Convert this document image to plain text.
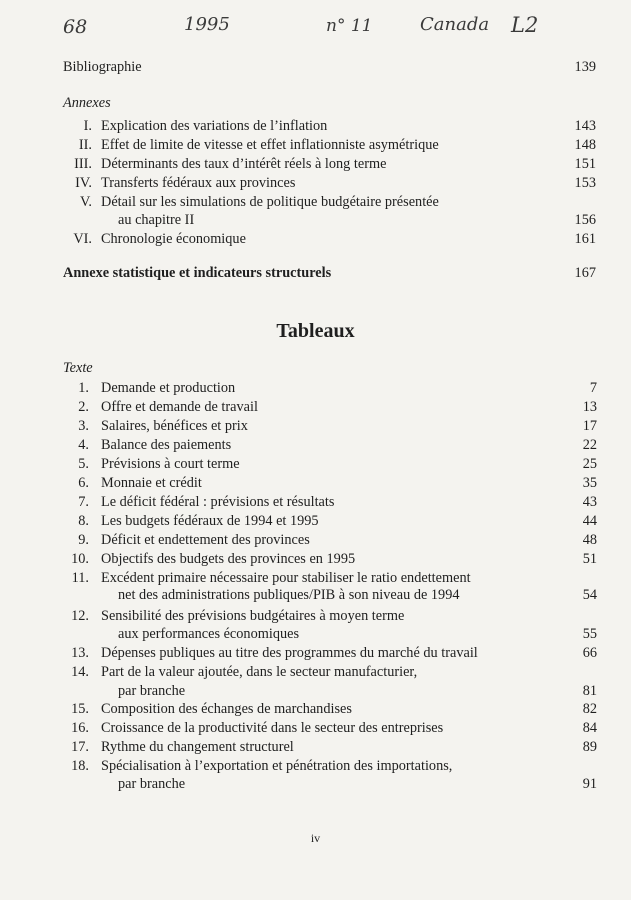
68	1995	n° 11	Canada L2
Bibliographie	139
Annexes
I. Explication des variations de l’inflation	143
II. Effet de limite de vitesse et effet inflationniste asymétrique	148
III. Déterminants des taux d’intérêt réels à long terme	151
IV. Transferts fédéraux aux provinces	153
V. Détail sur les simulations de politique budgétaire présentée
au chapitre II	156
VI. Chronologie économique	161
Annexe statistique et indicateurs structurels	167
Tableaux
Texte
1. Demande et production	7
2. Offre et demande de travail	13
3. Salaires, bénéfices et prix	17
4. Balance des paiements	22
5. Prévisions à court terme	25
6. Monnaie et crédit	35
7. Le déficit fédéral : prévisions et résultats	43
8. Les budgets fédéraux de 1994 et 1995	44
9. Déficit et endettement des provinces	48
10. Objectifs des budgets des provinces en 1995	51
11. Excédent primaire nécessaire pour stabiliser le ratio endettement
net des administrations publiques/PIB à son niveau de 1994	54
12. Sensibilité des prévisions budgétaires à moyen terme
aux performances économiques	55
13. Dépenses publiques au titre des programmes du marché du travail	66
14. Part de la valeur ajoutée, dans le secteur manufacturier,
par branche	81
15. Composition des échanges de marchandises	82
16. Croissance de la productivité dans le secteur des entreprises	84
17. Rythme du changement structurel	89
18. Spécialisation à l’exportation et pénétration des importations,
par branche	91
iv
